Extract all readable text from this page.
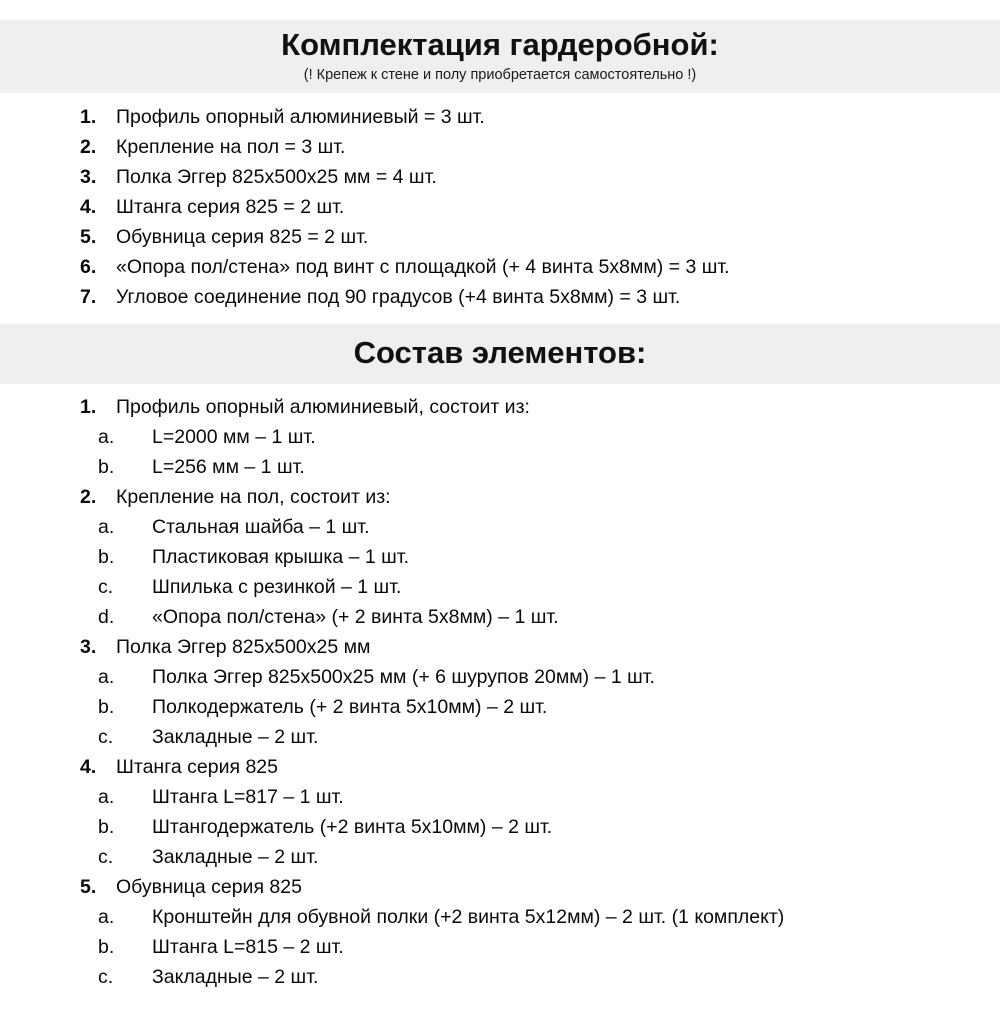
Комплектация гардеробной:
(! Крепеж к стене и полу приобретается самостоятельно !)
1.	Профиль опорный алюминиевый = 3 шт.
2.	Крепление на пол = 3 шт.
3.	Полка Эггер 825х500х25 мм = 4 шт.
4.	Штанга серия 825 = 2 шт.
5.	Обувница серия 825 = 2 шт.
6.	«Опора пол/стена» под винт с площадкой (+ 4 винта 5х8мм) = 3 шт.
7.	Угловое соединение под 90 градусов (+4 винта 5х8мм) = 3 шт.
Состав элементов:
1.	Профиль опорный алюминиевый, состоит из:
a.	L=2000 мм – 1 шт.
b.	L=256 мм – 1 шт.
2.	Крепление на пол, состоит из:
a.	Стальная шайба – 1 шт.
b.	Пластиковая крышка – 1 шт.
c.	Шпилька с резинкой – 1 шт.
d.	«Опора пол/стена» (+ 2 винта 5х8мм) – 1 шт.
3.	Полка Эггер 825х500х25 мм
a.	Полка Эггер 825х500х25 мм (+ 6 шурупов 20мм) – 1 шт.
b.	Полкодержатель (+ 2 винта 5х10мм) – 2 шт.
c.	Закладные – 2 шт.
4.	Штанга серия 825
a.	Штанга L=817 – 1 шт.
b.	Штангодержатель (+2 винта 5х10мм) – 2 шт.
c.	Закладные – 2 шт.
5.	Обувница серия 825
a.	Кронштейн для обувной полки (+2 винта 5х12мм) – 2 шт. (1 комплект)
b.	Штанга L=815 – 2 шт.
c.	Закладные – 2 шт.
